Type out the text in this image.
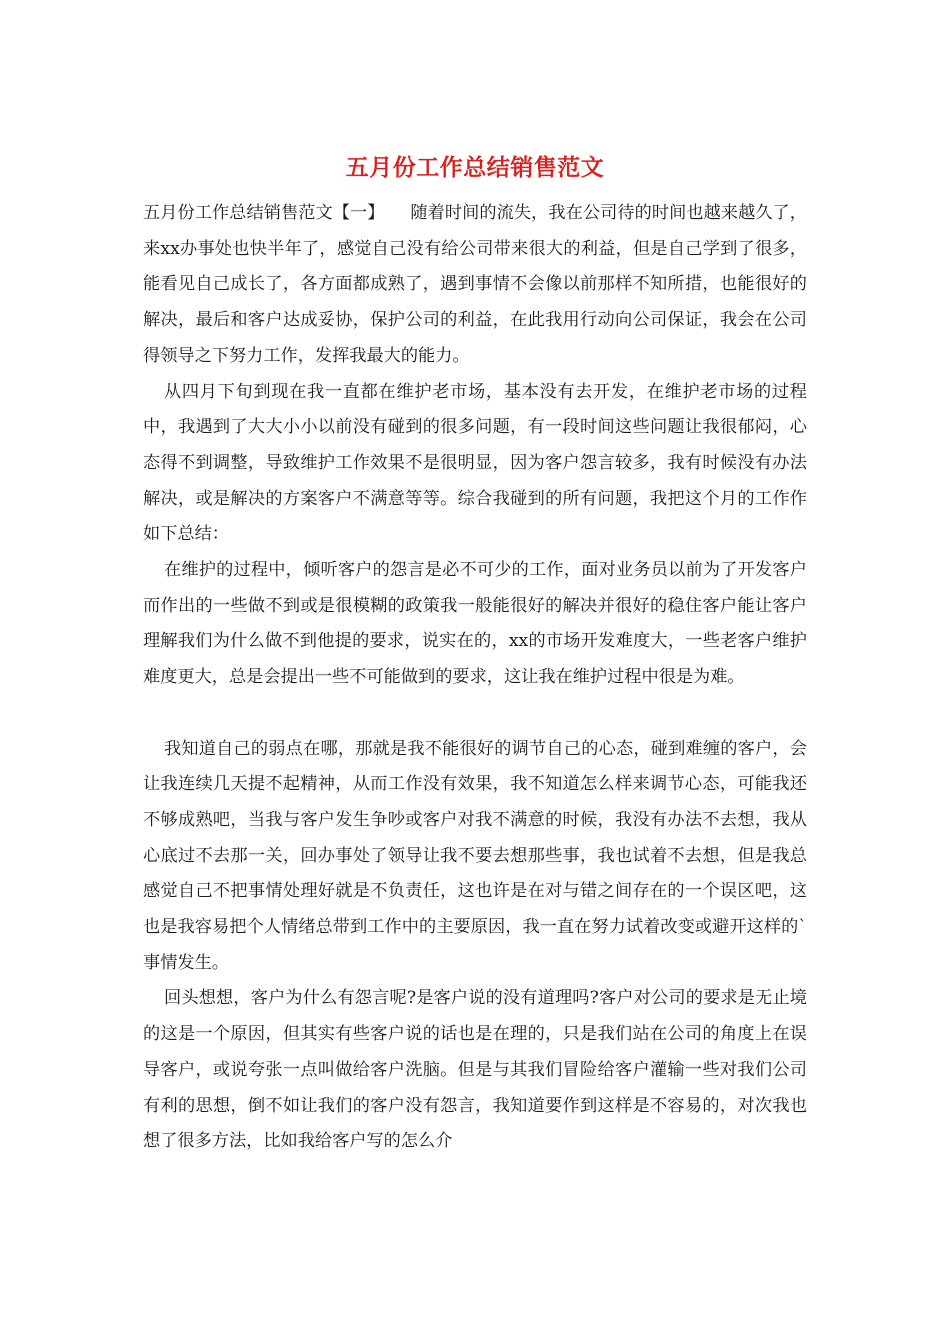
五月份工作总结销售范文

五月份工作总结销售范文【一】　　随着时间的流失，我在公司待的时间也越来越久了，来xx办事处也快半年了，感觉自己没有给公司带来很大的利益，但是自己学到了很多，能看见自己成长了，各方面都成熟了，遇到事情不会像以前那样不知所措，也能很好的解决，最后和客户达成妥协，保护公司的利益，在此我用行动向公司保证，我会在公司得领导之下努力工作，发挥我最大的能力。

从四月下旬到现在我一直都在维护老市场，基本没有去开发，在维护老市场的过程中，我遇到了大大小小以前没有碰到的很多问题，有一段时间这些问题让我很郁闷，心态得不到调整，导致维护工作效果不是很明显，因为客户怨言较多，我有时候没有办法解决，或是解决的方案客户不满意等等。综合我碰到的所有问题，我把这个月的工作作如下总结：

在维护的过程中，倾听客户的怨言是必不可少的工作，面对业务员以前为了开发客户而作出的一些做不到或是很模糊的政策我一般能很好的解决并很好的稳住客户能让客户理解我们为什么做不到他提的要求，说实在的，xx的市场开发难度大，一些老客户维护难度更大，总是会提出一些不可能做到的要求，这让我在维护过程中很是为难。

我知道自己的弱点在哪，那就是我不能很好的调节自己的心态，碰到难缠的客户，会让我连续几天提不起精神，从而工作没有效果，我不知道怎么样来调节心态，可能我还不够成熟吧，当我与客户发生争吵或客户对我不满意的时候，我没有办法不去想，我从心底过不去那一关，回办事处了领导让我不要去想那些事，我也试着不去想，但是我总感觉自己不把事情处理好就是不负责任，这也许是在对与错之间存在的一个误区吧，这也是我容易把个人情绪总带到工作中的主要原因，我一直在努力试着改变或避开这样的`事情发生。

回头想想，客户为什么有怨言呢?是客户说的没有道理吗?客户对公司的要求是无止境的这是一个原因，但其实有些客户说的话也是在理的，只是我们站在公司的角度上在误导客户，或说夸张一点叫做给客户洗脑。但是与其我们冒险给客户灌输一些对我们公司有利的思想，倒不如让我们的客户没有怨言，我知道要作到这样是不容易的，对次我也想了很多方法，比如我给客户写的怎么介
